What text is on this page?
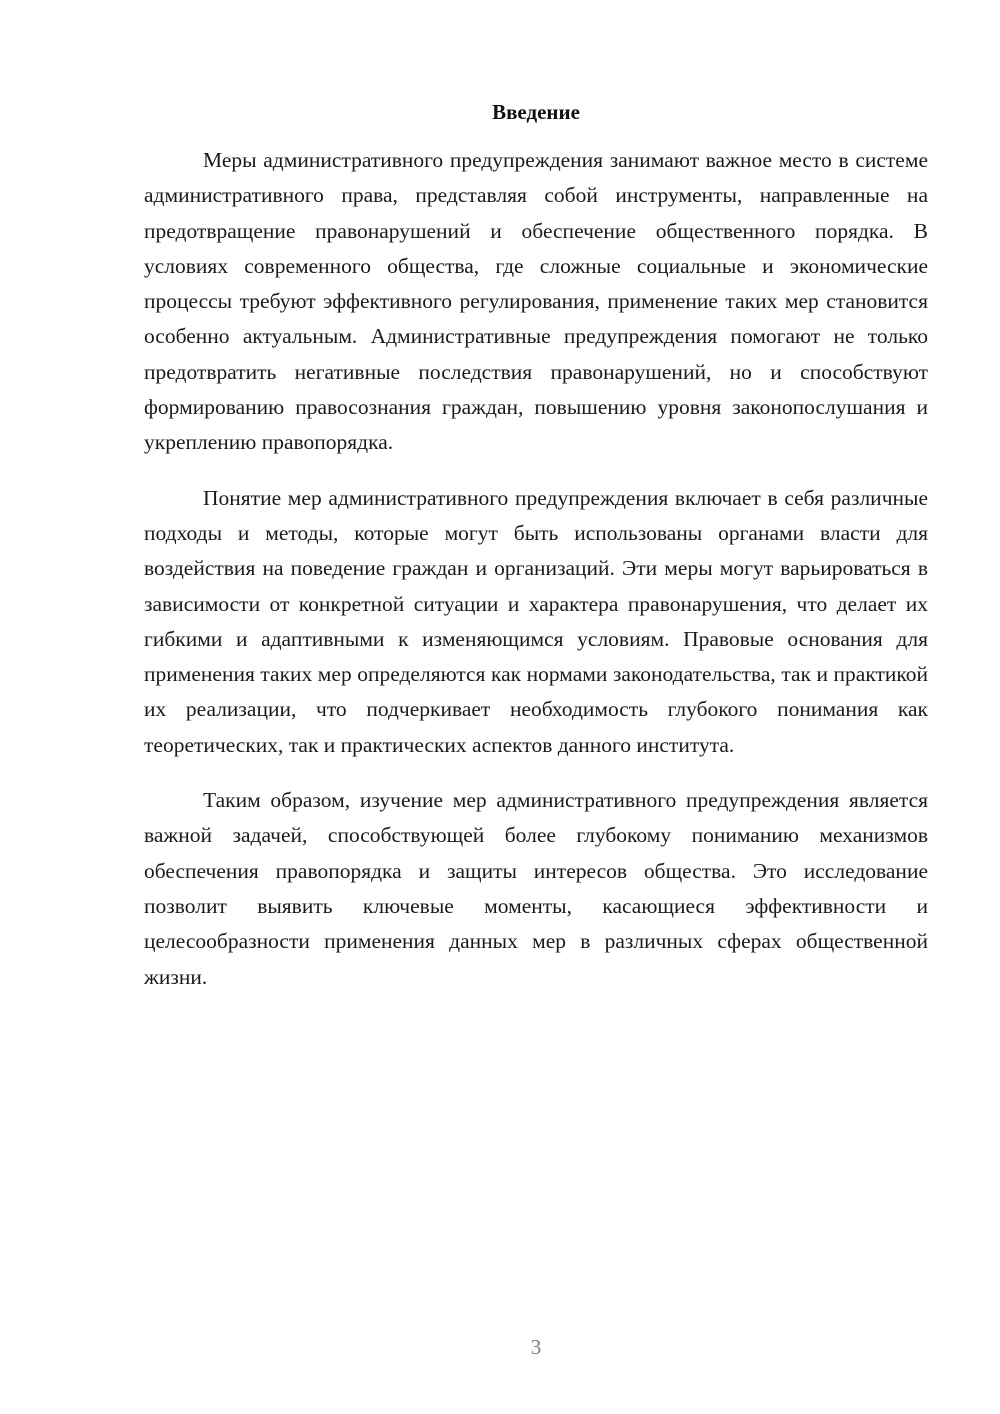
Введение

Меры административного предупреждения занимают важное место в системе административного права, представляя собой инструменты, направленные на предотвращение правонарушений и обеспечение общественного порядка. В условиях современного общества, где сложные социальные и экономические процессы требуют эффективного регулирования, применение таких мер становится особенно актуальным. Административные предупреждения помогают не только предотвратить негативные последствия правонарушений, но и способствуют формированию правосознания граждан, повышению уровня законопослушания и укреплению правопорядка.

Понятие мер административного предупреждения включает в себя различные подходы и методы, которые могут быть использованы органами власти для воздействия на поведение граждан и организаций. Эти меры могут варьироваться в зависимости от конкретной ситуации и характера правонарушения, что делает их гибкими и адаптивными к изменяющимся условиям. Правовые основания для применения таких мер определяются как нормами законодательства, так и практикой их реализации, что подчеркивает необходимость глубокого понимания как теоретических, так и практических аспектов данного института.

Таким образом, изучение мер административного предупреждения является важной задачей, способствующей более глубокому пониманию механизмов обеспечения правопорядка и защиты интересов общества. Это исследование позволит выявить ключевые моменты, касающиеся эффективности и целесообразности применения данных мер в различных сферах общественной жизни.

3
